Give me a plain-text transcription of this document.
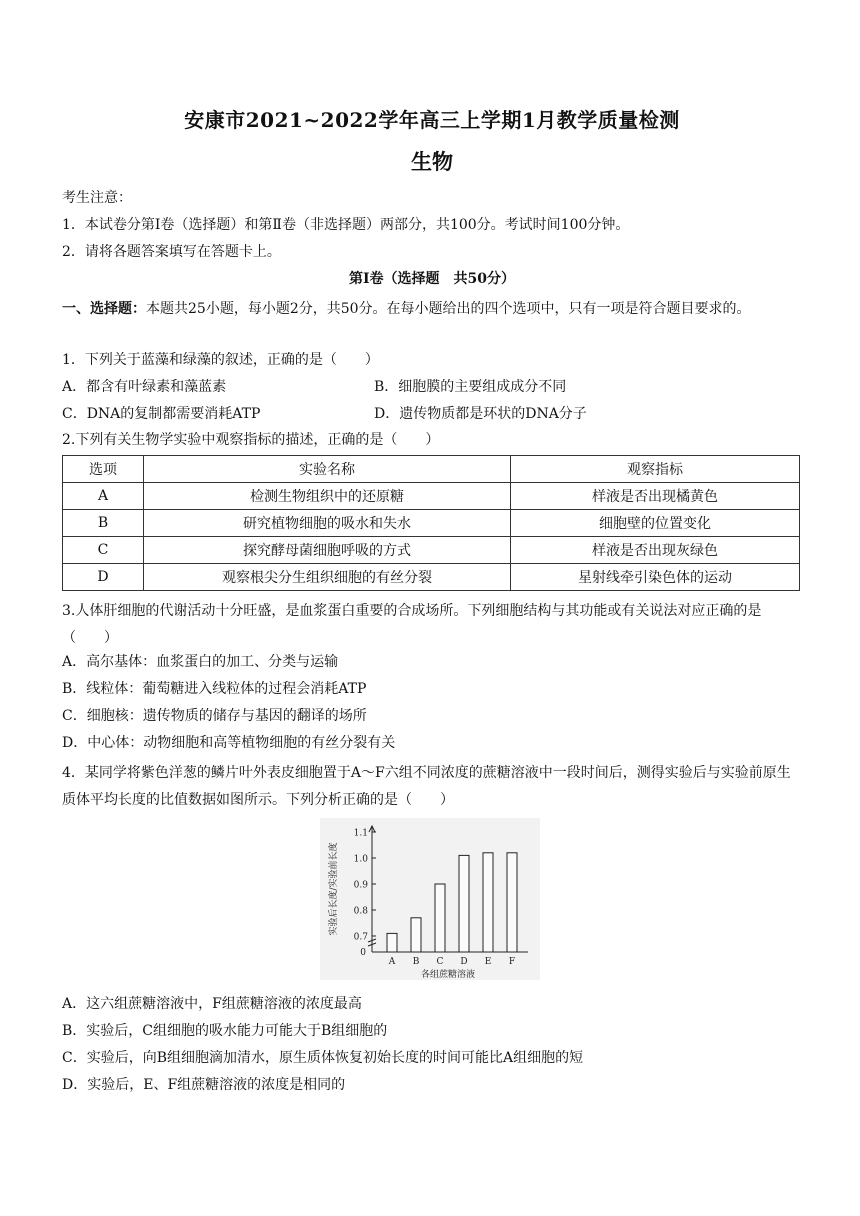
安康市2021~2022学年高三上学期1月教学质量检测
生物
考生注意：
1．本试卷分第Ⅰ卷（选择题）和第Ⅱ卷（非选择题）两部分，共100分。考试时间100分钟。
2．请将各题答案填写在答题卡上。
第Ⅰ卷（选择题　共50分）
一、选择题：本题共25小题，每小题2分，共50分。在每小题给出的四个选项中，只有一项是符合题目要求的。
1．下列关于蓝藻和绿藻的叙述，正确的是（　　）
A．都含有叶绿素和藻蓝素	B．细胞膜的主要组成成分不同
C．DNA的复制都需要消耗ATP	D．遗传物质都是环状的DNA分子
2.下列有关生物学实验中观察指标的描述，正确的是（　　）
选项	实验名称	观察指标
A	检测生物组织中的还原糖	样液是否出现橘黄色
B	研究植物细胞的吸水和失水	细胞壁的位置变化
C	探究酵母菌细胞呼吸的方式	样液是否出现灰绿色
D	观察根尖分生组织细胞的有丝分裂	星射线牵引染色体的运动
3.人体肝细胞的代谢活动十分旺盛，是血浆蛋白重要的合成场所。下列细胞结构与其功能或有关说法对应正确的是（　　）
A．高尔基体：血浆蛋白的加工、分类与运输
B．线粒体：葡萄糖进入线粒体的过程会消耗ATP
C．细胞核：遗传物质的储存与基因的翻译的场所
D．中心体：动物细胞和高等植物细胞的有丝分裂有关
4．某同学将紫色洋葱的鳞片叶外表皮细胞置于A～F六组不同浓度的蔗糖溶液中一段时间后，测得实验后与实验前原生质体平均长度的比值数据如图所示。下列分析正确的是（　　）
0.7
0.8
0.9
1.0
1.1
0
实验后长度/实验前长度
A B C D E F
各组蔗糖溶液
A．这六组蔗糖溶液中，F组蔗糖溶液的浓度最高
B．实验后，C组细胞的吸水能力可能大于B组细胞的
C．实验后，向B组细胞滴加清水，原生质体恢复初始长度的时间可能比A组细胞的短
D．实验后，E、F组蔗糖溶液的浓度是相同的
